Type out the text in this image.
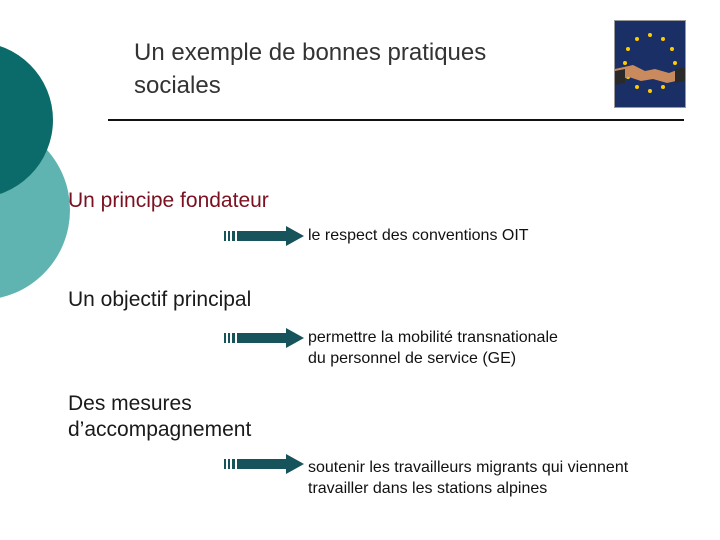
Un exemple de bonnes pratiques
sociales
Un principe fondateur
le respect des conventions OIT
Un objectif principal
permettre la mobilité transnationale
du personnel de service (GE)
Des mesures
d’accompagnement
soutenir les travailleurs migrants qui viennent
travailler dans les stations alpines
